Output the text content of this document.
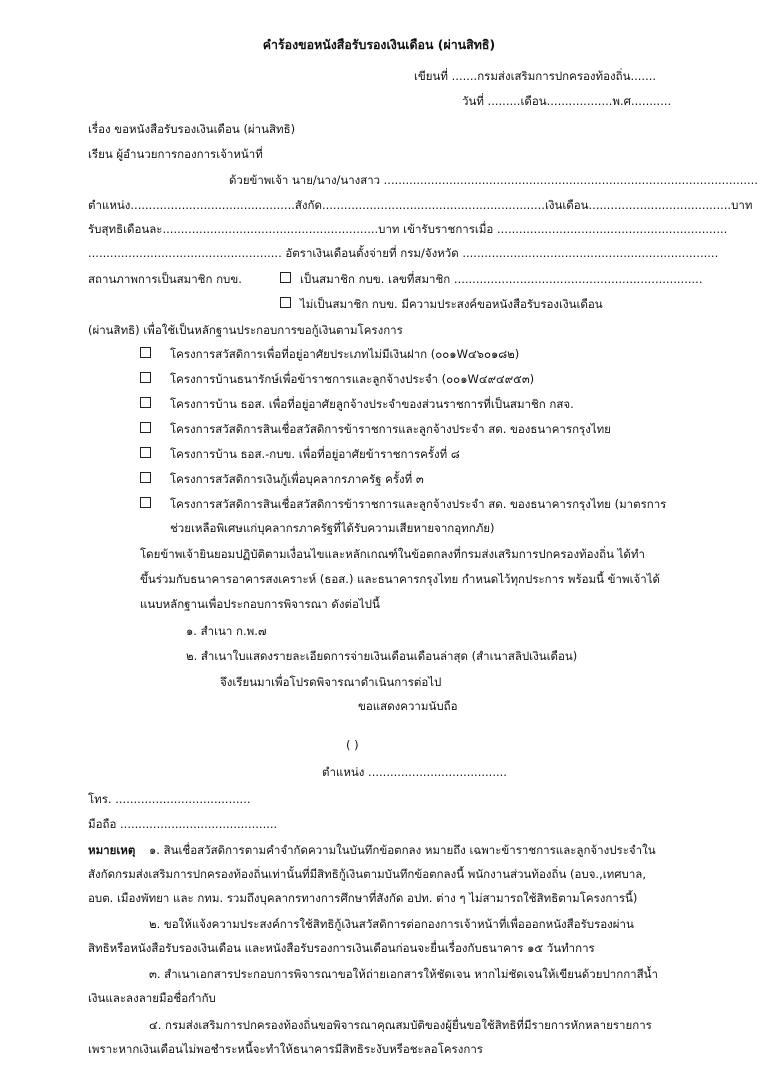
คำร้องขอหนังสือรับรองเงินเดือน (ผ่านสิทธิ)
เขียนที่ .......กรมส่งเสริมการปกครองท้องถิ่น.......
วันที่ .........เดือน..................พ.ศ...........
เรื่อง ขอหนังสือรับรองเงินเดือน (ผ่านสิทธิ)
เรียน ผู้อำนวยการกองการเจ้าหน้าที่
ด้วยข้าพเจ้า นาย/นาง/นางสาว .......................................................................................................
ตำแหน่ง.............................................สังกัด.............................................................เงินเดือน.......................................บาท
รับสุทธิเดือนละ...........................................................บาท เข้ารับราชการเมื่อ ...............................................................
..................................................... อัตราเงินเดือนตั้งจ่ายที่ กรม/จังหวัด ......................................................................
สถานภาพการเป็นสมาชิก กบข.	เป็นสมาชิก กบข. เลขที่สมาชิก ....................................................................
ไม่เป็นสมาชิก กบข. มีความประสงค์ขอหนังสือรับรองเงินเดือน
(ผ่านสิทธิ) เพื่อใช้เป็นหลักฐานประกอบการขอกู้เงินตามโครงการ
โครงการสวัสดิการเพื่อที่อยู่อาศัยประเภทไม่มีเงินฝาก (๐๐๑W๔๖๐๑๘๒)
โครงการบ้านธนารักษ์เพื่อข้าราชการและลูกจ้างประจำ (๐๐๑W๔๙๔๙๕๓)
โครงการบ้าน ธอส. เพื่อที่อยู่อาศัยลูกจ้างประจำของส่วนราชการที่เป็นสมาชิก กสจ.
โครงการสวัสดิการสินเชื่อสวัสดิการข้าราชการและลูกจ้างประจำ สด. ของธนาคารกรุงไทย
โครงการบ้าน ธอส.-กบข. เพื่อที่อยู่อาศัยข้าราชการครั้งที่ ๘
โครงการสวัสดิการเงินกู้เพื่อบุคลากรภาครัฐ ครั้งที่ ๓
โครงการสวัสดิการสินเชื่อสวัสดิการข้าราชการและลูกจ้างประจำ สด. ของธนาคารกรุงไทย (มาตรการ
ช่วยเหลือพิเศษแก่บุคลากรภาครัฐที่ได้รับความเสียหายจากอุทกภัย)
โดยข้าพเจ้ายินยอมปฏิบัติตามเงื่อนไขและหลักเกณฑ์ในข้อตกลงที่กรมส่งเสริมการปกครองท้องถิ่น ได้ทำ
ขึ้นร่วมกับธนาคารอาคารสงเคราะห์ (ธอส.) และธนาคารกรุงไทย กำหนดไว้ทุกประการ พร้อมนี้ ข้าพเจ้าได้
แนบหลักฐานเพื่อประกอบการพิจารณา ดังต่อไปนี้
๑. สำเนา ก.พ.๗
๒. สำเนาใบแสดงรายละเอียดการจ่ายเงินเดือนเดือนล่าสุด (สำเนาสลิปเงินเดือน)
จึงเรียนมาเพื่อโปรดพิจารณาดำเนินการต่อไป
ขอแสดงความนับถือ
( )
ตำแหน่ง ......................................
โทร. .....................................
มือถือ ...........................................
หมายเหตุ ๑. สินเชื่อสวัสดิการตามคำจำกัดความในบันทึกข้อตกลง หมายถึง เฉพาะข้าราชการและลูกจ้างประจำใน
สังกัดกรมส่งเสริมการปกครองท้องถิ่นเท่านั้นที่มีสิทธิกู้เงินตามบันทึกข้อตกลงนี้ พนักงานส่วนท้องถิ่น (อบจ.,เทศบาล,
อบต. เมืองพัทยา และ กทม. รวมถึงบุคลากรทางการศึกษาที่สังกัด อปท. ต่าง ๆ ไม่สามารถใช้สิทธิตามโครงการนี้)
๒. ขอให้แจ้งความประสงค์การใช้สิทธิกู้เงินสวัสดิการต่อกองการเจ้าหน้าที่เพื่อออกหนังสือรับรองผ่าน
สิทธิหรือหนังสือรับรองเงินเดือน และหนังสือรับรองการเงินเดือนก่อนจะยื่นเรื่องกับธนาคาร ๑๕ วันทำการ
๓. สำเนาเอกสารประกอบการพิจารณาขอให้ถ่ายเอกสารให้ชัดเจน หากไม่ชัดเจนให้เขียนด้วยปากกาสีน้ำ
เงินและลงลายมือชื่อกำกับ
๔. กรมส่งเสริมการปกครองท้องถิ่นขอพิจารณาคุณสมบัติของผู้ยื่นขอใช้สิทธิที่มีรายการหักหลายรายการ
เพราะหากเงินเดือนไม่พอชำระหนี้จะทำให้ธนาคารมีสิทธิระงับหรือชะลอโครงการ
